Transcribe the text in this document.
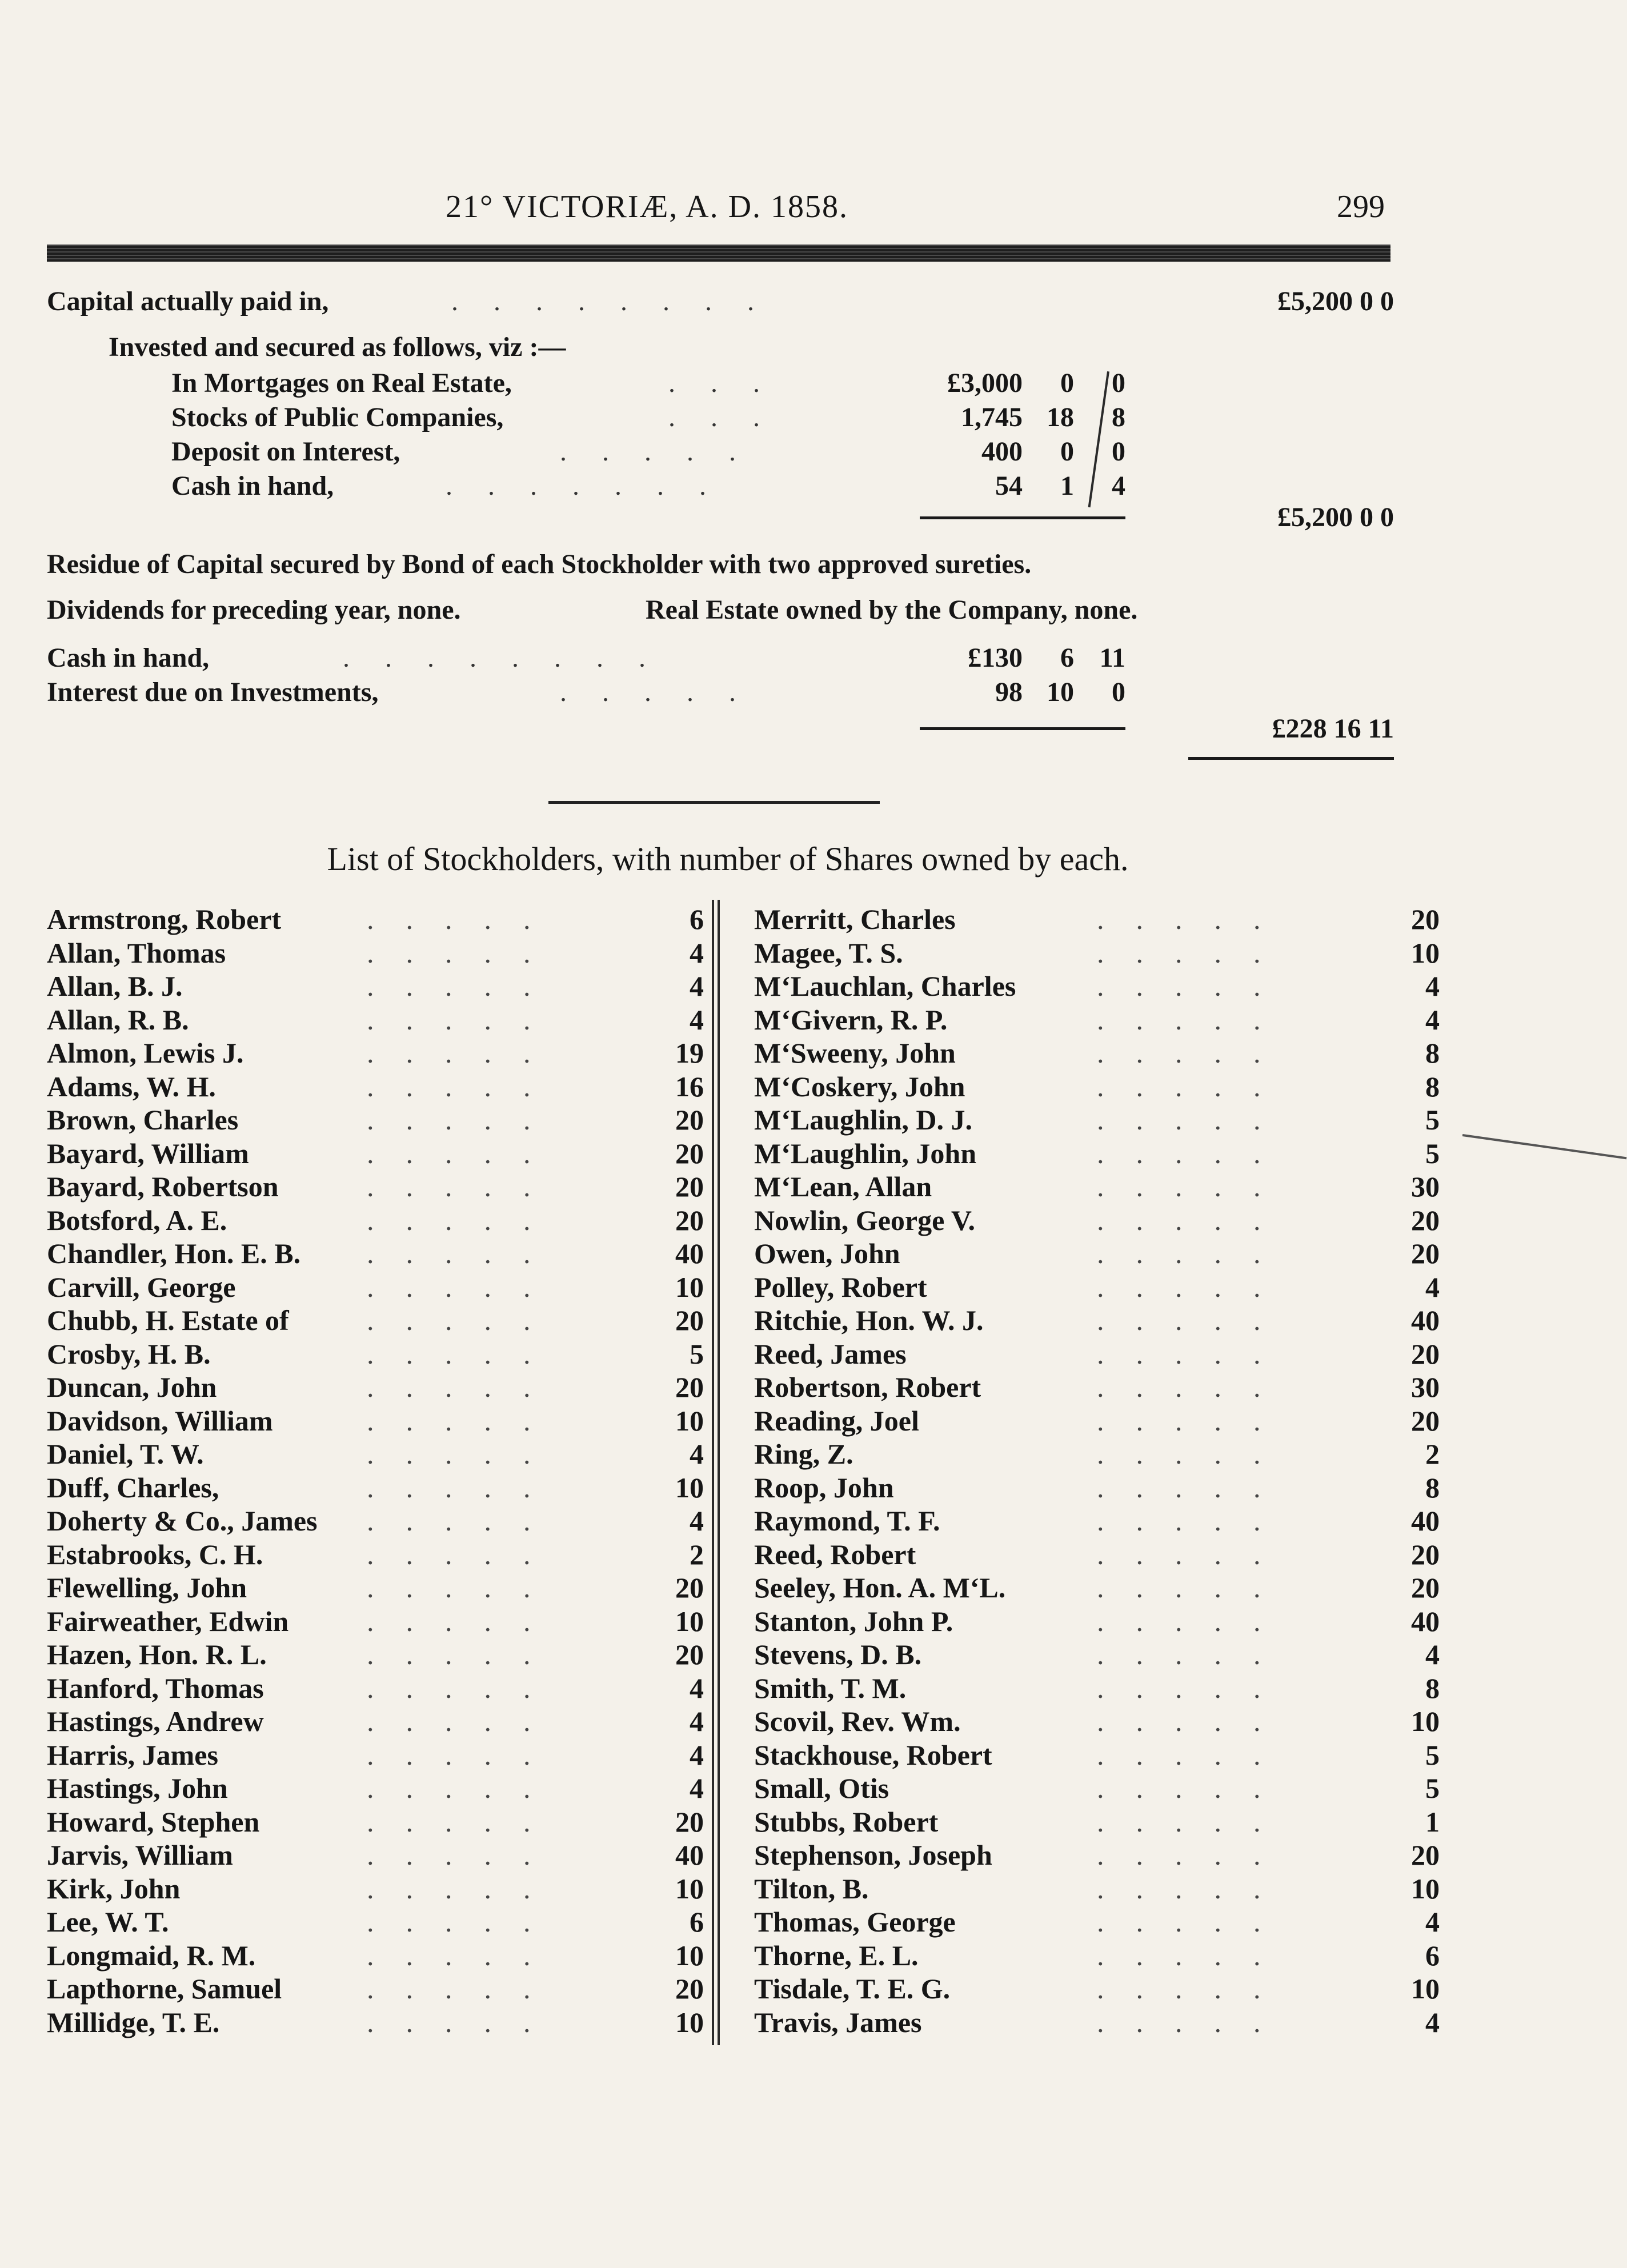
21° VICTORIÆ, A. D. 1858.	299
Capital actually paid in,	........	£5,200 0 0
Invested and secured as follows, viz :—
In Mortgages on Real Estate,	...	£3,000	0	0
Stocks of Public Companies,	...	1,745 18	8
Deposit on Interest,	.....	400	0	0
Cash in hand,	.......	54	1	4
£5,200 0 0
Residue of Capital secured by Bond of each Stockholder with two approved sureties.
Dividends for preceding year, none.	Real Estate owned by the Company, none.
Cash in hand,	........	£130	6 11
Interest due on Investments,	.....	98 10	0
£228 16 11
List of Stockholders, with number of Shares owned by each.
Armstrong, Robert	.....	6
Allan, Thomas	.....	4
Allan, B. J.	.....	4
Allan, R. B.	.....	4
Almon, Lewis J.	.....	19
Adams, W. H.	.....	16
Brown, Charles	.....	20
Bayard, William	.....	20
Bayard, Robertson	.....	20
Botsford, A. E.	.....	20
Chandler, Hon. E. B. .....	40
Carvill, George	.....	10
Chubb, H. Estate of	.....	20
Crosby, H. B.	.....	5
Duncan, John	.....	20
Davidson, William	.....	10
Daniel, T. W.	.....	4
Duff, Charles,	.....	10
Doherty & Co., James .....	4
Estabrooks, C. H.	.....	2
Flewelling, John	.....	20
Fairweather, Edwin	.....	10
Hazen, Hon. R. L.	.....	20
Hanford, Thomas	.....	4
Hastings, Andrew	.....	4
Harris, James	.....	4
Hastings, John	.....	4
Howard, Stephen	.....	20
Jarvis, William	.....	40
Kirk, John	.....	10
Lee, W. T.	.....	6
Longmaid, R. M.	.....	10
Lapthorne, Samuel	.....	20
Millidge, T. E.	.....	10
Merritt, Charles	.....	20
Magee, T. S.	.....	10
M‘Lauchlan, Charles	.....	4
M‘Givern, R. P.	.....	4
M‘Sweeny, John	.....	8
M‘Coskery, John	.....	8
M‘Laughlin, D. J.	.....	5
M‘Laughlin, John	.....	5
M‘Lean, Allan	.....	30
Nowlin, George V.	.....	20
Owen, John	.....	20
Polley, Robert	.....	4
Ritchie, Hon. W. J.	.....	40
Reed, James	.....	20
Robertson, Robert	.....	30
Reading, Joel	.....	20
Ring, Z.	.....	2
Roop, John	.....	8
Raymond, T. F.	.....	40
Reed, Robert	.....	20
Seeley, Hon. A. M‘L.	.....	20
Stanton, John P.	.....	40
Stevens, D. B.	.....	4
Smith, T. M.	.....	8
Scovil, Rev. Wm.	.....	10
Stackhouse, Robert	.....	5
Small, Otis	.....	5
Stubbs, Robert	.....	1
Stephenson, Joseph	.....	20
Tilton, B.	.....	10
Thomas, George	.....	4
Thorne, E. L.	.....	6
Tisdale, T. E. G.	.....	10
Travis, James	.....	4
